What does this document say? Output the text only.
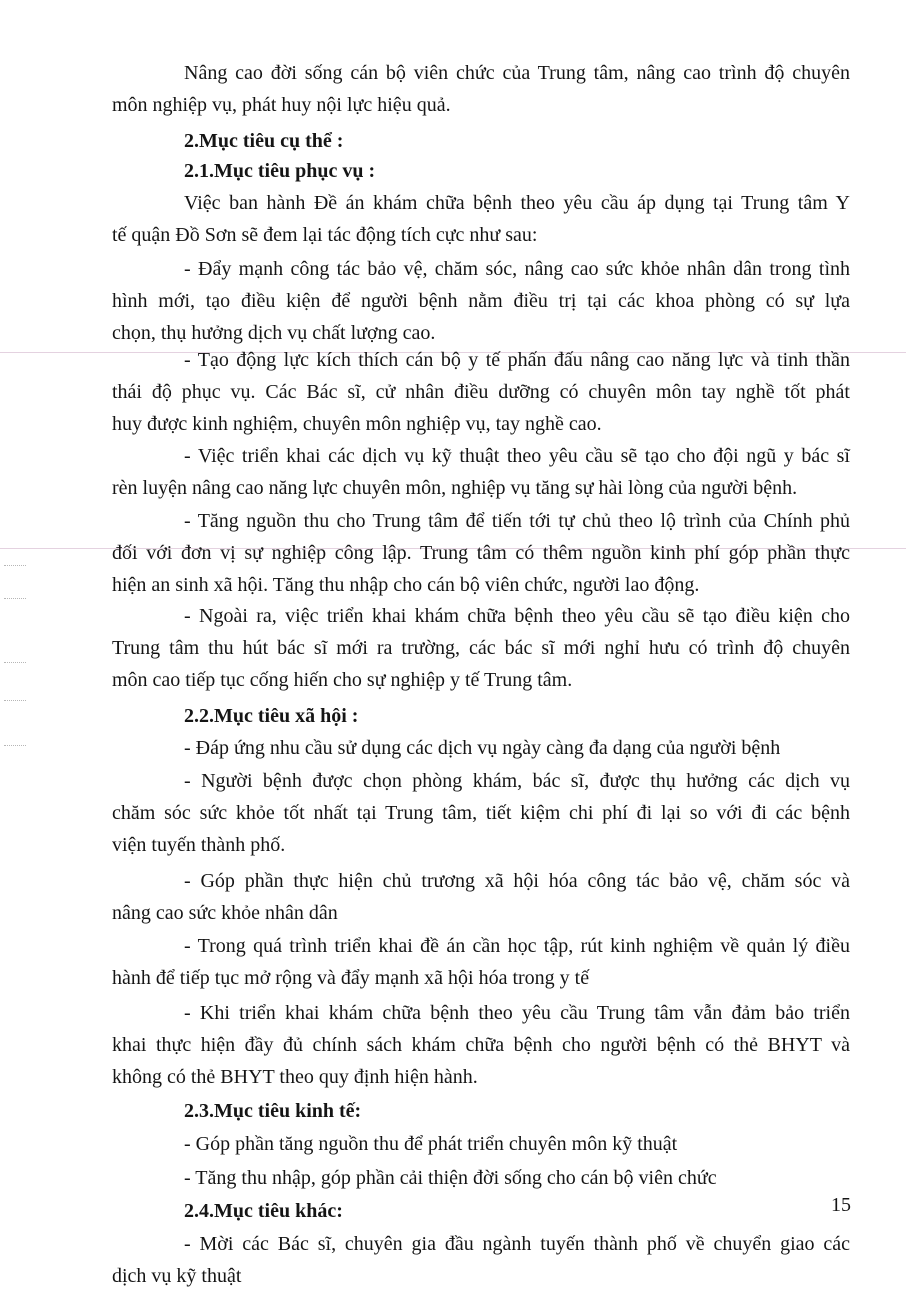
Nâng cao đời sống cán bộ viên chức của Trung tâm, nâng cao trình độ chuyên
môn nghiệp vụ, phát huy nội lực hiệu quả.
2.Mục tiêu cụ thể :
2.1.Mục tiêu phục vụ :
Việc ban hành Đề án khám chữa bệnh theo yêu cầu áp dụng tại Trung tâm Y
tế quận Đồ Sơn sẽ đem lại tác động tích cực như sau:
- Đẩy mạnh công tác bảo vệ, chăm sóc, nâng cao sức khỏe nhân dân trong tình
hình mới, tạo điều kiện để người bệnh nằm điều trị tại các khoa phòng có sự lựa
chọn, thụ hưởng dịch vụ chất lượng cao.
- Tạo động lực kích thích cán bộ y tế phấn đấu nâng cao năng lực và tinh thần
thái độ phục vụ. Các Bác sĩ, cử nhân điều dưỡng có chuyên môn tay nghề tốt phát
huy được kinh nghiệm, chuyên môn nghiệp vụ, tay nghề cao.
- Việc triển khai các dịch vụ kỹ thuật theo yêu cầu sẽ tạo cho đội ngũ y bác sĩ
rèn luyện nâng cao năng lực chuyên môn, nghiệp vụ tăng sự hài lòng của người bệnh.
- Tăng nguồn thu cho Trung tâm để tiến tới tự chủ theo lộ trình của Chính phủ
đối với đơn vị sự nghiệp công lập. Trung tâm có thêm nguồn kinh phí góp phần thực
hiện an sinh xã hội. Tăng thu nhập cho cán bộ viên chức, người lao động.
- Ngoài ra, việc triển khai khám chữa bệnh theo yêu cầu sẽ tạo điều kiện cho
Trung tâm thu hút bác sĩ mới ra trường, các bác sĩ mới nghỉ hưu có trình độ chuyên
môn cao tiếp tục cống hiến cho sự nghiệp y tế Trung tâm.
2.2.Mục tiêu xã hội :
- Đáp ứng nhu cầu sử dụng các dịch vụ ngày càng đa dạng của người bệnh
- Người bệnh được chọn phòng khám, bác sĩ, được thụ hưởng các dịch vụ
chăm sóc sức khỏe tốt nhất tại Trung tâm, tiết kiệm chi phí đi lại so với đi các bệnh
viện tuyến thành phố.
- Góp phần thực hiện chủ trương xã hội hóa công tác bảo vệ, chăm sóc và
nâng cao sức khỏe nhân dân
- Trong quá trình triển khai đề án cần học tập, rút kinh nghiệm về quản lý điều
hành để tiếp tục mở rộng và đẩy mạnh xã hội hóa trong y tế
- Khi triển khai khám chữa bệnh theo yêu cầu Trung tâm vẫn đảm bảo triển
khai thực hiện đầy đủ chính sách khám chữa bệnh cho người bệnh có thẻ BHYT và
không có thẻ BHYT theo quy định hiện hành.
2.3.Mục tiêu kinh tế:
- Góp phần tăng nguồn thu để phát triển chuyên môn kỹ thuật
- Tăng thu nhập, góp phần cải thiện đời sống cho cán bộ viên chức
2.4.Mục tiêu khác:
- Mời các Bác sĩ, chuyên gia đầu ngành tuyến thành phố về chuyển giao các
dịch vụ kỹ thuật
15
